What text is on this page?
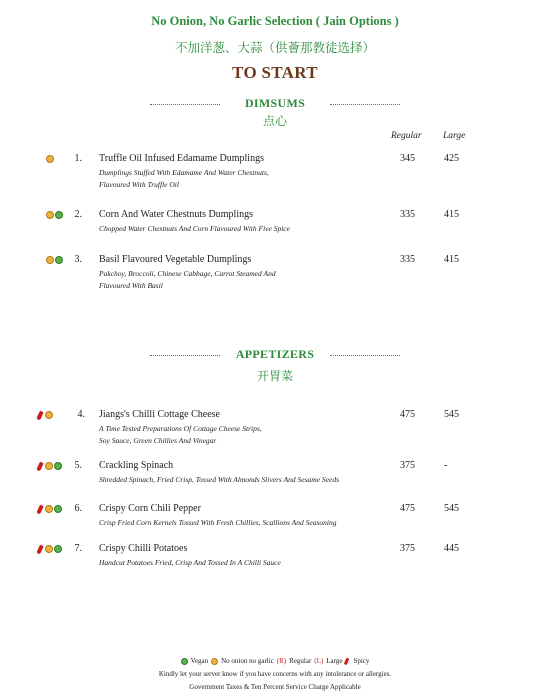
No Onion, No Garlic Selection ( Jain Options )
不加洋葱、大蒜（供薈那教徒选择）
TO START
DIMSUMS
点心
Regular Large
1. Truffle Oil Infused Edamame Dumplings
Dumplings Stuffed With Edamame And Water Chestnuts,
Flavoured With Truffle Oil
345	425
2. Corn And Water Chestnuts Dumplings
Chopped Water Chestnuts And Corn Flavoured With Five Spice
335	415
3. Basil Flavoured Vegetable Dumplings
Pakchoy, Broccoli, Chinese Cabbage, Carrot Steamed And
Flavoured With Basil
335	415
APPETIZERS
开胃菜
4. Jiangs's Chilli Cottage Cheese
A Time Tested Preparations Of Cottage Cheese Strips,
Soy Sauce, Green Chillies And Vinegar
475	545
5. Crackling Spinach
Shredded Spinach, Fried Crisp, Tossed With Almonds Slivers And Sesame Seeds
375	-
6. Crispy Corn Chili Pepper
Crisp Fried Corn Kernels Tossed With Fresh Chillies, Scallions And Seasoning
475	545
7. Crispy Chilli Potatoes
Handcut Potatoes Fried, Crisp And Tossed In A Chilli Sauce
375	445
Vegan No onion no garlic (R) Regular (L) Large Spicy
Kindly let your server know if you have concerns with any intolerance or allergies.
Government Taxes & Ten Percent Service Charge Applicable
